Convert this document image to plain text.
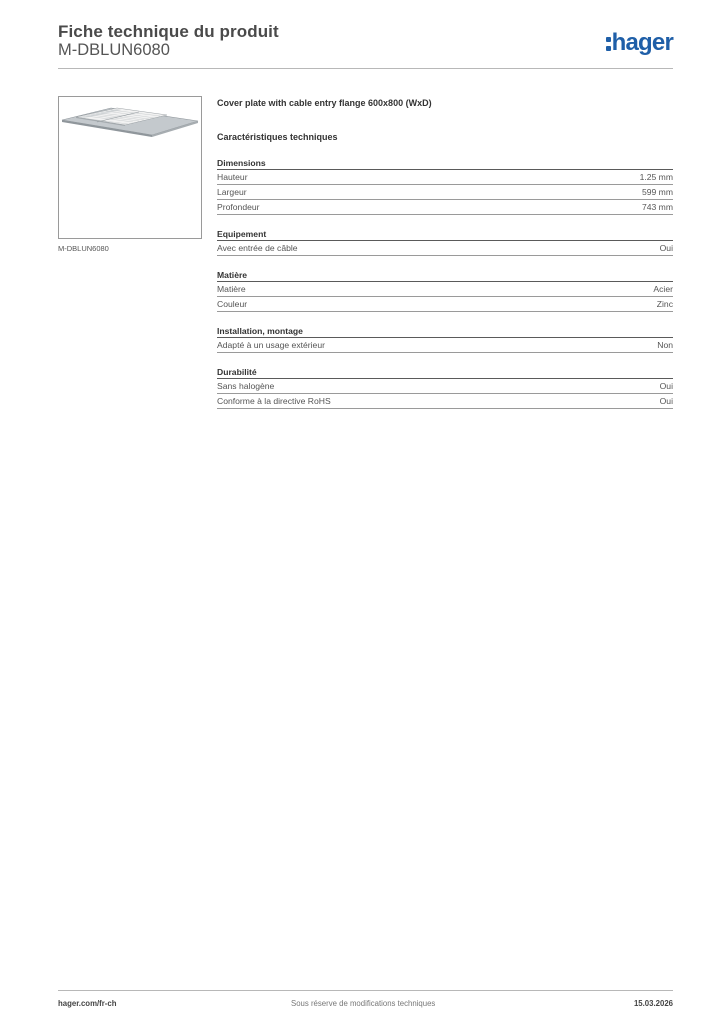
Fiche technique du produit
M-DBLUN6080	hager
M-DBLUN6080
Cover plate with cable entry flange 600x800 (WxD)
Caractéristiques techniques
Dimensions
Hauteur	1.25 mm
Largeur	599 mm
Profondeur	743 mm
Equipement
Avec entrée de câble	Oui
Matière
Matière	Acier
Couleur	Zinc
Installation, montage
Adapté à un usage extérieur	Non
Durabilité
Sans halogène	Oui
Conforme à la directive RoHS	Oui
hager.com/fr-ch	Sous réserve de modifications techniques	15.03.2026
